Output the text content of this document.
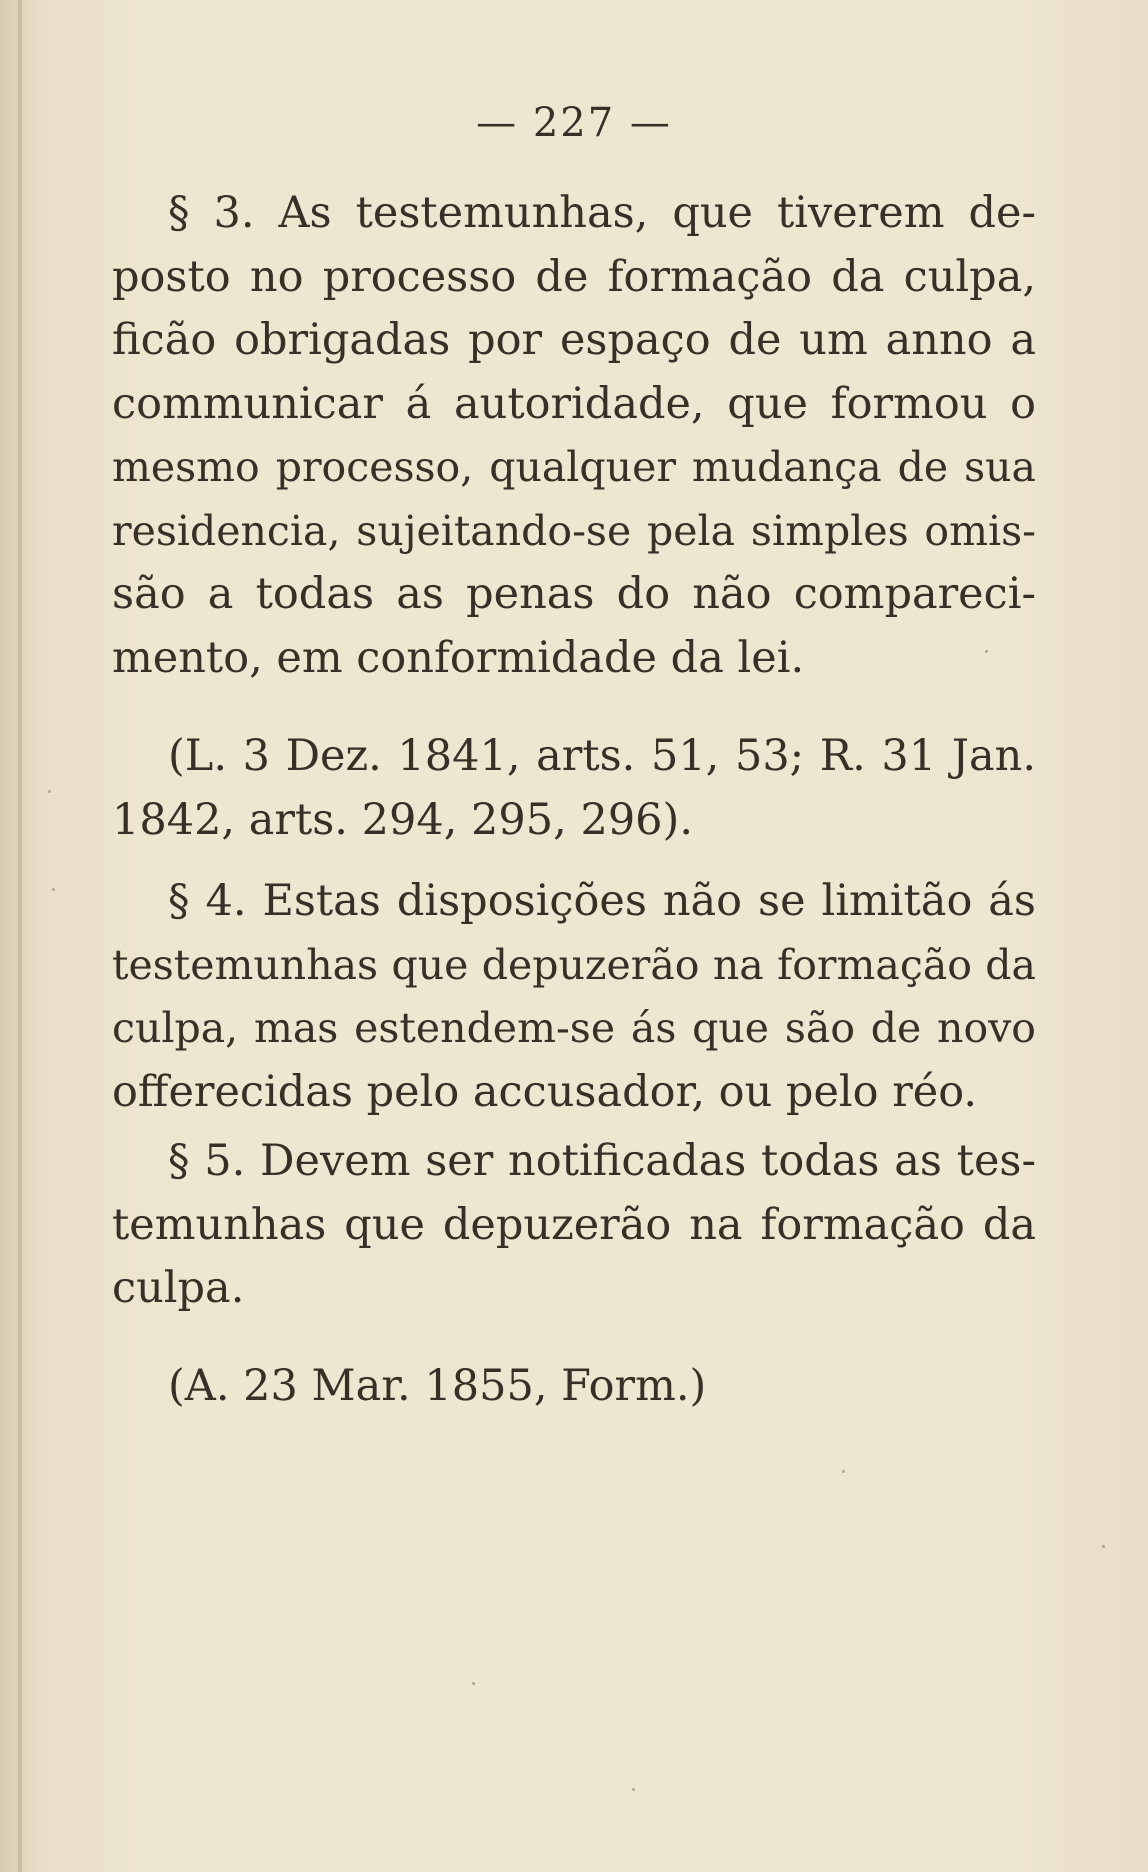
— 227 —
§ 3. As testemunhas, que tiverem de-
posto no processo de formação da culpa,
ficão obrigadas por espaço de um anno a
communicar á autoridade, que formou o
mesmo processo, qualquer mudança de sua
residencia, sujeitando-se pela simples omis-
são a todas as penas do não compareci-
mento, em conformidade da lei.
(L. 3 Dez. 1841, arts. 51, 53; R. 31 Jan.
1842, arts. 294, 295, 296).
§ 4. Estas disposições não se limitão ás
testemunhas que depuzerão na formação da
culpa, mas estendem-se ás que são de novo
offerecidas pelo accusador, ou pelo réo.
§ 5. Devem ser notificadas todas as tes-
temunhas que depuzerão na formação da
culpa.
(A. 23 Mar. 1855, Form.)
